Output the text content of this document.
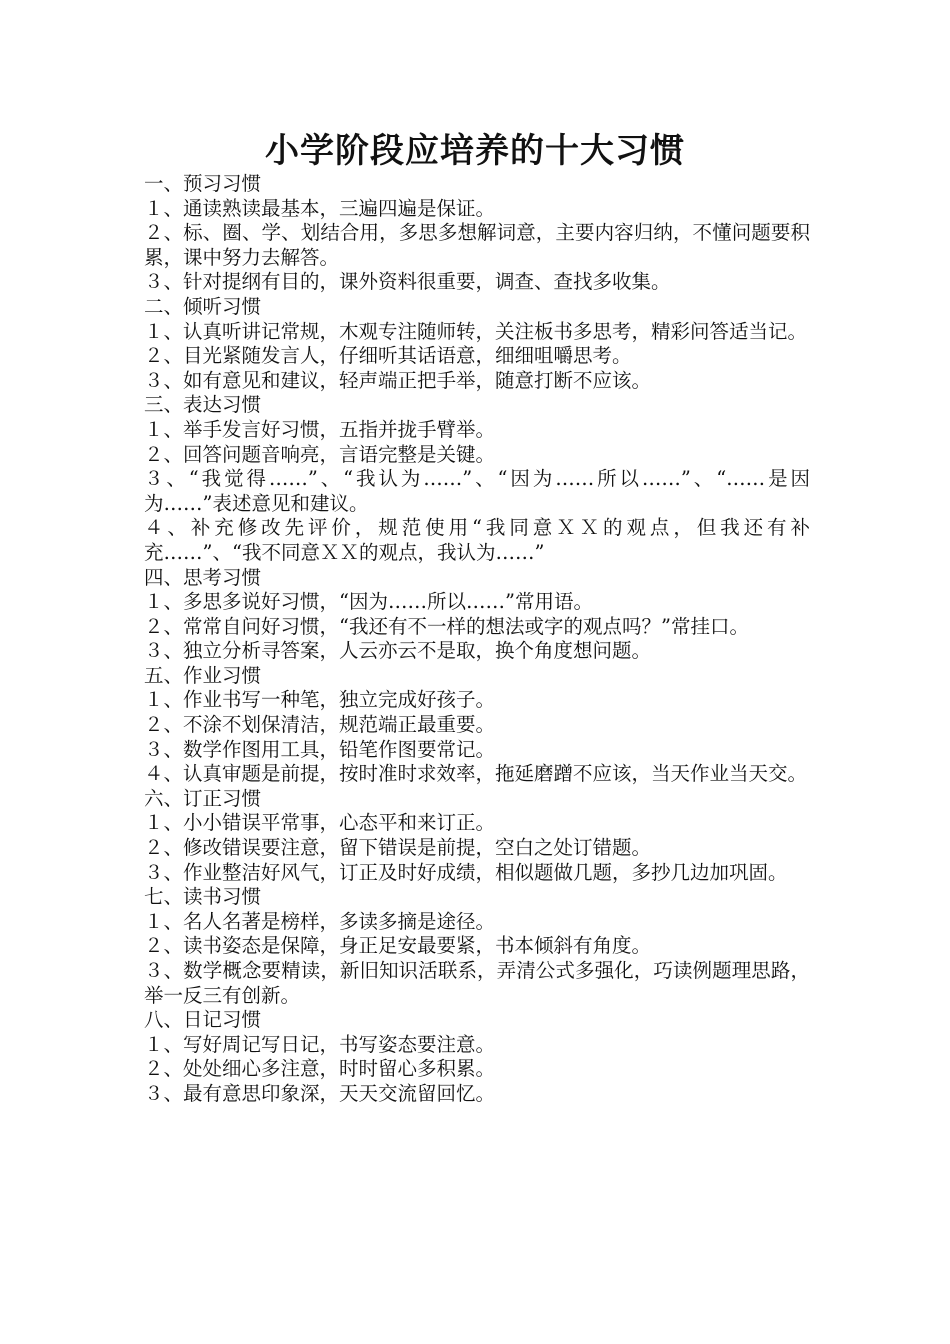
小学阶段应培养的十大习惯
一、预习习惯
１、通读熟读最基本，三遍四遍是保证。
２、标、圈、学、划结合用，多思多想解词意，主要内容归纳，不懂问题要积累，课中努力去解答。
３、针对提纲有目的，课外资料很重要，调查、查找多收集。
二、倾听习惯
１、认真听讲记常规，木观专注随师转，关注板书多思考，精彩问答适当记。
２、目光紧随发言人，仔细听其话语意，细细咀嚼思考。
３、如有意见和建议，轻声端正把手举，随意打断不应该。
三、表达习惯
１、举手发言好习惯，五指并拢手臂举。
２、回答问题音响亮，言语完整是关键。
３、“我觉得……”、“我认为……”、“因为……所以……”、“……是因为……”表述意见和建议。
４、补充修改先评价，规范使用“我同意ＸＸ的观点，但我还有补充……”、“我不同意ＸＸ的观点，我认为……”
四、思考习惯
１、多思多说好习惯，“因为……所以……”常用语。
２、常常自问好习惯，“我还有不一样的想法或字的观点吗？”常挂口。
３、独立分析寻答案，人云亦云不是取，换个角度想问题。
五、作业习惯
１、作业书写一种笔，独立完成好孩子。
２、不涂不划保清洁，规范端正最重要。
３、数学作图用工具，铅笔作图要常记。
４、认真审题是前提，按时准时求效率，拖延磨蹭不应该，当天作业当天交。
六、订正习惯
１、小小错误平常事，心态平和来订正。
２、修改错误要注意，留下错误是前提，空白之处订错题。
３、作业整洁好风气，订正及时好成绩，相似题做几题，多抄几边加巩固。
七、读书习惯
１、名人名著是榜样，多读多摘是途径。
２、读书姿态是保障，身正足安最要紧，书本倾斜有角度。
３、数学概念要精读，新旧知识活联系，弄清公式多强化，巧读例题理思路，举一反三有创新。
八、日记习惯
１、写好周记写日记，书写姿态要注意。
２、处处细心多注意，时时留心多积累。
３、最有意思印象深，天天交流留回忆。
